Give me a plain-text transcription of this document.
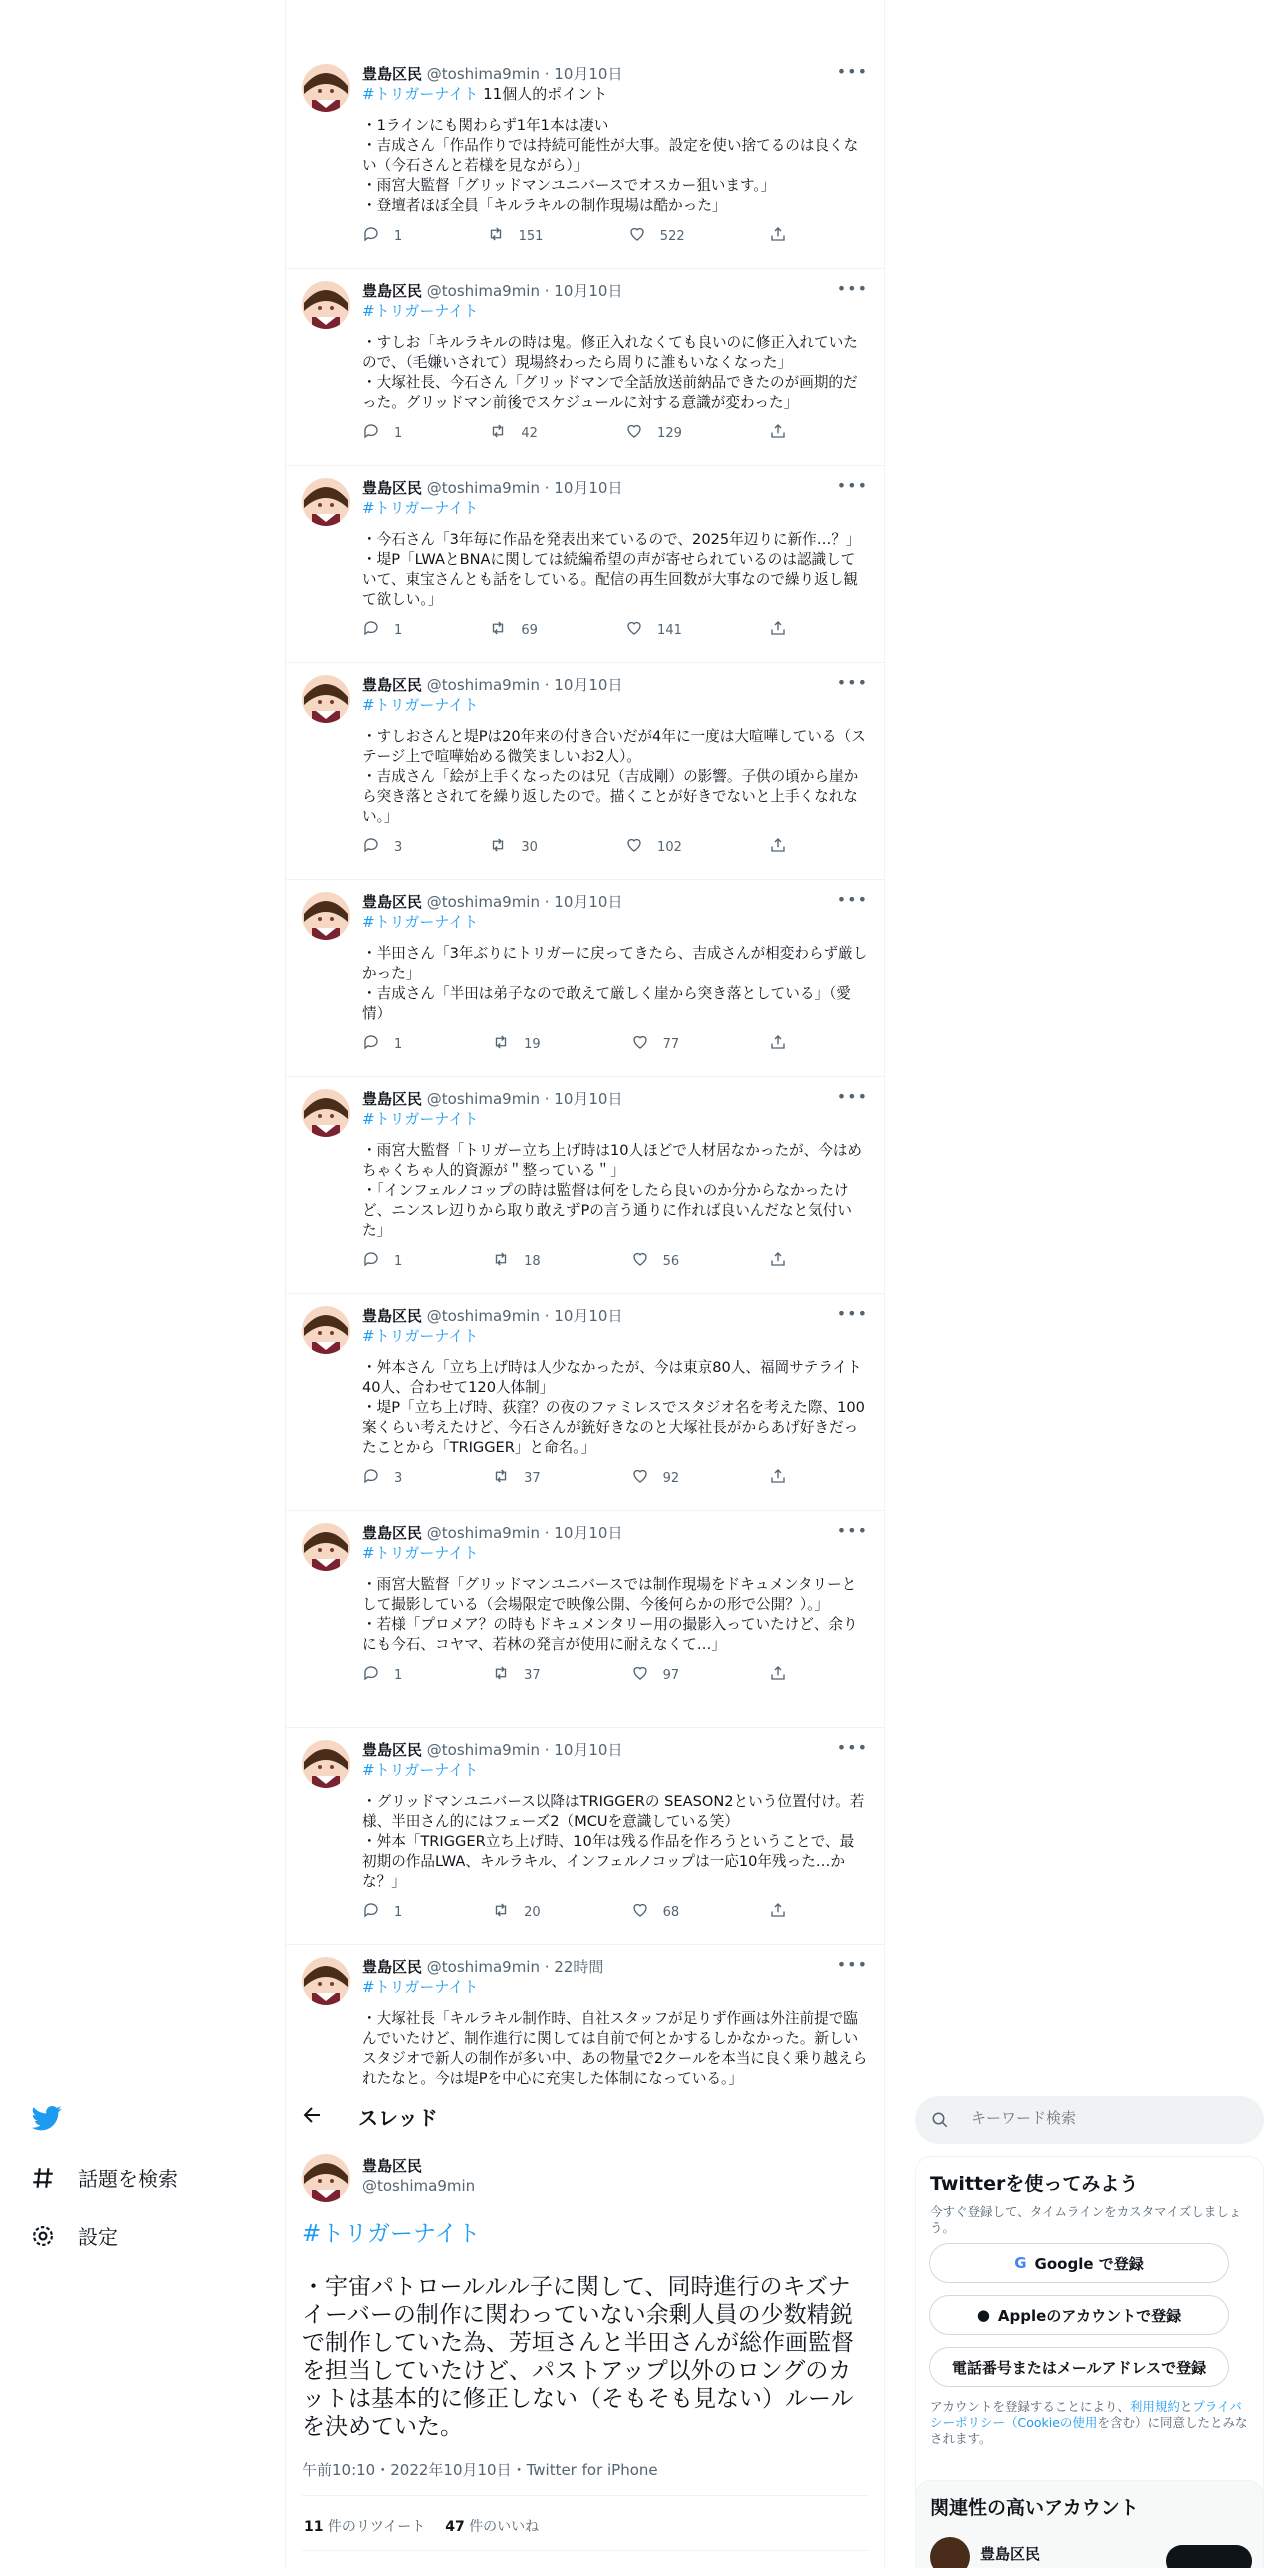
話題を検索
設定
豊島区民 @toshima9min · 10月10日	•••
#トリガーナイト 11個人的ポイント
・1ラインにも関わらず1年1本は凄い
・吉成さん「作品作りでは持続可能性が大事。設定を使い捨てるのは良くない（今石さんと若様を見ながら）」
・雨宮大監督「グリッドマンユニバースでオスカー狙います。」
・登壇者ほぼ全員「キルラキルの制作現場は酷かった」
1	151	522
豊島区民 @toshima9min · 10月10日	•••
#トリガーナイト
・すしお「キルラキルの時は鬼。修正入れなくても良いのに修正入れていたので、（毛嫌いされて）現場終わったら周りに誰もいなくなった」
・大塚社長、今石さん「グリッドマンで全話放送前納品できたのが画期的だった。グリッドマン前後でスケジュールに対する意識が変わった」
1	42	129
豊島区民 @toshima9min · 10月10日	•••
#トリガーナイト
・今石さん「3年毎に作品を発表出来ているので、2025年辺りに新作…？」
・堤P「LWAとBNAに関しては続編希望の声が寄せられているのは認識していて、東宝さんとも話をしている。配信の再生回数が大事なので繰り返し観て欲しい。」
1	69	141
豊島区民 @toshima9min · 10月10日	•••
#トリガーナイト
・すしおさんと堤Pは20年来の付き合いだが4年に一度は大喧嘩している（ステージ上で喧嘩始める微笑ましいお2人）。
・吉成さん「絵が上手くなったのは兄（吉成剛）の影響。子供の頃から崖から突き落とされてを繰り返したので。描くことが好きでないと上手くなれない。」
3	30	102
豊島区民 @toshima9min · 10月10日	•••
#トリガーナイト
・半田さん「3年ぶりにトリガーに戻ってきたら、吉成さんが相変わらず厳しかった」
・吉成さん「半田は弟子なので敢えて厳しく崖から突き落としている」（愛情）
1	19	77
豊島区民 @toshima9min · 10月10日	•••
#トリガーナイト
・雨宮大監督「トリガー立ち上げ時は10人ほどで人材居なかったが、今はめちゃくちゃ人的資源が＂整っている＂」
・「インフェルノコップの時は監督は何をしたら良いのか分からなかったけど、ニンスレ辺りから取り敢えずPの言う通りに作れば良いんだなと気付いた」
1	18	56
豊島区民 @toshima9min · 10月10日	•••
#トリガーナイト
・舛本さん「立ち上げ時は人少なかったが、今は東京80人、福岡サテライト40人、合わせて120人体制」
・堤P「立ち上げ時、荻窪？の夜のファミレスでスタジオ名を考えた際、100案くらい考えたけど、今石さんが銃好きなのと大塚社長がからあげ好きだったことから「TRIGGER」と命名。」
3	37	92
豊島区民 @toshima9min · 10月10日	•••
#トリガーナイト
・雨宮大監督「グリッドマンユニバースでは制作現場をドキュメンタリーとして撮影している（会場限定で映像公開、今後何らかの形で公開？）。」
・若様「プロメア？の時もドキュメンタリー用の撮影入っていたけど、余りにも今石、コヤマ、若林の発言が使用に耐えなくて…」
1	37	97
豊島区民 @toshima9min · 10月10日	•••
#トリガーナイト
・グリッドマンユニバース以降はTRIGGERの SEASON2という位置付け。若様、半田さん的にはフェーズ2（MCUを意識している笑）
・舛本「TRIGGER立ち上げ時、10年は残る作品を作ろうということで、最初期の作品LWA、キルラキル、インフェルノコップは一応10年残った…かな？」
1	20	68
豊島区民 @toshima9min · 22時間	•••
#トリガーナイト
・大塚社長「キルラキル制作時、自社スタッフが足りず作画は外注前提で臨んでいたけど、制作進行に関しては自前で何とかするしかなかった。新しいスタジオで新人の制作が多い中、あの物量で2クールを本当に良く乗り越えられたなと。今は堤Pを中心に充実した体制になっている。」
スレッド
豊島区民
@toshima9min
#トリガーナイト
・宇宙パトロールルル子に関して、同時進行のキズナイーバーの制作に関わっていない余剰人員の少数精鋭で制作していた為、芳垣さんと半田さんが総作画監督を担当していたけど、パストアップ以外のロングのカットは基本的に修正しない（そもそも見ない）ルールを決めていた。
午前10:10・2022年10月10日・Twitter for iPhone
11 件のリツイート 47 件のいいね
キーワード検索
Twitterを使ってみよう
今すぐ登録して、タイムラインをカスタマイズしましょう。
G Google で登録
● Appleのアカウントで登録
電話番号またはメールアドレスで登録
アカウントを登録することにより、利用規約とプライバシーポリシー（Cookieの使用を含む）に同意したとみなされます。
関連性の高いアカウント
豊島区民
